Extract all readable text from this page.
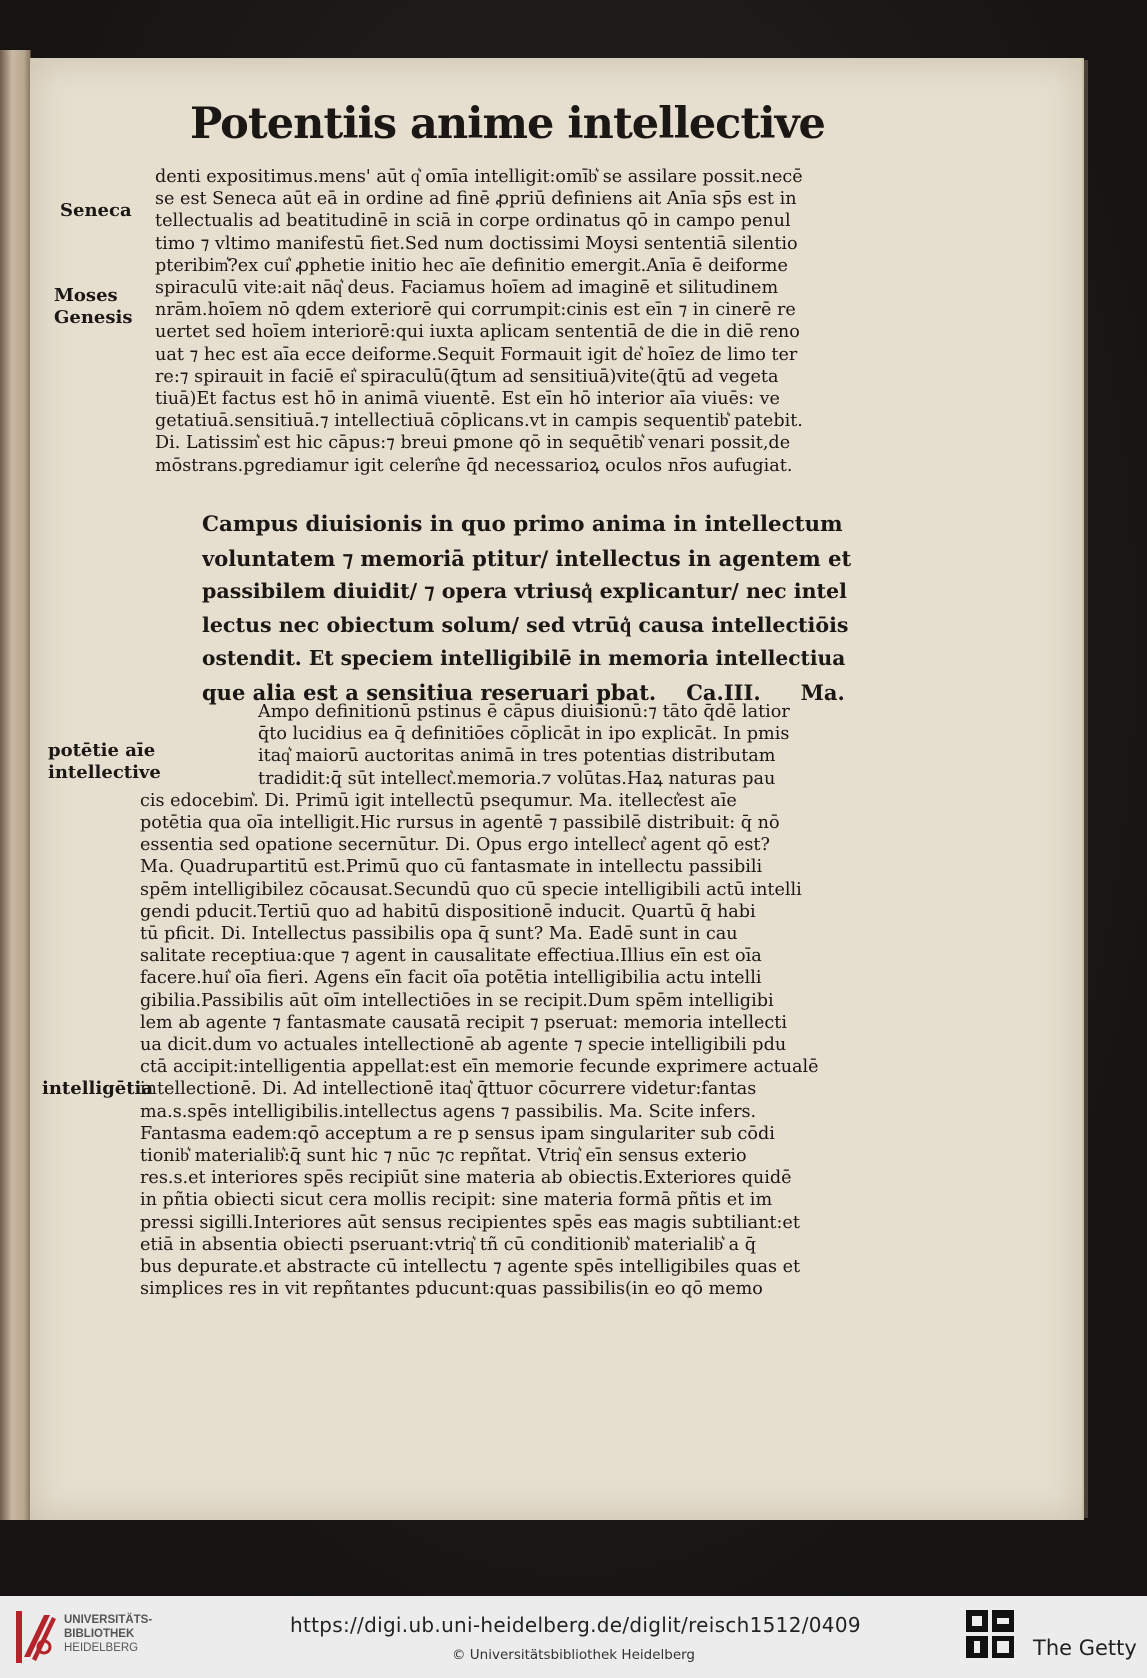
Potentiis anime intellective
Seneca
Moses
Genesis
potētie aīe
intellective
intelligētia
denti expositimus.mens' aūt q͛ omīa intelligit:omīb͛ se assilare possit.necē
se est Seneca aūt eā in ordine ad finē ꝓpriū definiens ait Anīa sp̄s est in
tellectualis ad beatitudinē in sciā in corpe ordinatus qō in campo penul
timo ⁊ vltimo manifestū fiet.Sed num doctissimi Moysi sententiā silentio
pteribim͛?ex cui͛ ꝓphetie initio hec aīe definitio emergit.Anīa ē deiforme
spiraculū vite:ait nāq͛ deus. Faciamus hoīem ad imaginē et silitudinem
nrām.hoīem nō qdem exteriorē qui corrumpit:cinis est eīn ⁊ in cinerē re
uertet sed hoīem interiorē:qui iuxta aplicam sententiā de die in diē reno
uat ⁊ hec est aīa ecce deiforme.Sequit Formauit igit de͛ hoīez de limo ter
re:⁊ spirauit in faciē ei͛ spiraculū(q̄tum ad sensitiuā)vite(q̄tū ad vegeta
tiuā)Et factus est hō in animā viuentē. Est eīn hō interior aīa viuēs: ve
getatiuā.sensitiuā.⁊ intellectiuā cōplicans.vt in campis sequentib͛ patebit.
Di. Latissim͛ est hic cāpus:⁊ breui ꝑmone qō in sequētib͛ venari possit,de
mōstrans.pgrediamur igit celeri͛ne q̄d necessarioꝝ oculos nr̄os aufugiat.
Campus diuisionis in quo primo anima in intellectum
voluntatem ⁊ memoriā ptitur/ intellectus in agentem et
passibilem diuidit/ ⁊ opera vtriusq͛ explicantur/ nec intel
lectus nec obiectum solum/ sed vtrūq͛ causa intellectiōis
ostendit. Et speciem intelligibilē in memoria intellectiua
que alia est a sensitiua reseruari pbat. Ca.III. Ma.
Ampo definitionū pstinus ē cāpus diuisionū:⁊ tāto q̄dē latior
q̄to lucidius ea q̄ definitiōes cōplicāt in ipo explicāt. In pmis
itaq͛ maiorū auctoritas animā in tres potentias distributam
tradidit:q̄ sūt intellect͛.memoria.⁊ volūtas.Haꝝ naturas pau
cis edocebim͛. Di. Primū igit intellectū psequmur. Ma. itellect͛est aīe
potētia qua oīa intelligit.Hic rursus in agentē ⁊ passibilē distribuit: q̄ nō
essentia sed opatione secernūtur. Di. Opus ergo intellect͛ agent qō est?
Ma. Quadrupartitū est.Primū quo cū fantasmate in intellectu passibili
spēm intelligibilez cōcausat.Secundū quo cū specie intelligibili actū intelli
gendi pducit.Tertiū quo ad habitū dispositionē inducit. Quartū q̄ habi
tū pficit. Di. Intellectus passibilis opa q̄ sunt? Ma. Eadē sunt in cau
salitate receptiua:que ⁊ agent in causalitate effectiua.Illius eīn est oīa
facere.hui͛ oīa fieri. Agens eīn facit oīa potētia intelligibilia actu intelli
gibilia.Passibilis aūt oīm intellectiōes in se recipit.Dum spēm intelligibi
lem ab agente ⁊ fantasmate causatā recipit ⁊ pseruat: memoria intellecti
ua dicit.dum vo actuales intellectionē ab agente ⁊ specie intelligibili pdu
ctā accipit:intelligentia appellat:est eīn memorie fecunde exprimere actualē
intellectionē. Di. Ad intellectionē itaq͛ q̄ttuor cōcurrere videtur:fantas
ma.s.spēs intelligibilis.intellectus agens ⁊ passibilis. Ma. Scite infers.
Fantasma eadem:qō acceptum a re p sensus ipam singulariter sub cōdi
tionib͛ materialib͛:q̄ sunt hic ⁊ nūc ⁊c repñtat. Vtriq͛ eīn sensus exterio
res.s.et interiores spēs recipiūt sine materia ab obiectis.Exteriores quidē
in pñtia obiecti sicut cera mollis recipit: sine materia formā pñtis et im
pressi sigilli.Interiores aūt sensus recipientes spēs eas magis subtiliant:et
etiā in absentia obiecti pseruant:vtriq͛ tñ cū conditionib͛ materialib͛ a q̄
bus depurate.et abstracte cū intellectu ⁊ agente spēs intelligibiles quas et
simplices res in vit repñtantes pducunt:quas passibilis(in eo qō memo
UNIVERSITÄTS-
BIBLIOTHEK
HEIDELBERG
https://digi.ub.uni-heidelberg.de/diglit/reisch1512/0409
© Universitätsbibliothek Heidelberg	The Getty
